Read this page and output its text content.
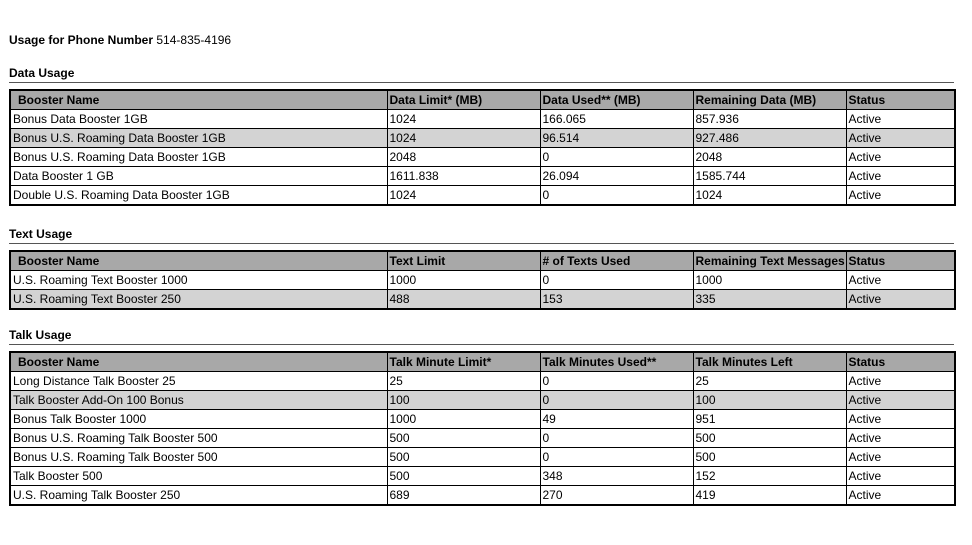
Usage for Phone Number 514-835-4196
Data Usage
Booster Name	Data Limit* (MB)	Data Used** (MB)	Remaining Data (MB)	Status
Bonus Data Booster 1GB	1024	166.065	857.936	Active
Bonus U.S. Roaming Data Booster 1GB	1024	96.514	927.486	Active
Bonus U.S. Roaming Data Booster 1GB	2048	0	2048	Active
Data Booster 1 GB	1611.838	26.094	1585.744	Active
Double U.S. Roaming Data Booster 1GB	1024	0	1024	Active
Text Usage
Booster Name	Text Limit	# of Texts Used	Remaining Text Messages	Status
U.S. Roaming Text Booster 1000	1000	0	1000	Active
U.S. Roaming Text Booster 250	488	153	335	Active
Talk Usage
Booster Name	Talk Minute Limit*	Talk Minutes Used**	Talk Minutes Left	Status
Long Distance Talk Booster 25	25	0	25	Active
Talk Booster Add-On 100 Bonus	100	0	100	Active
Bonus Talk Booster 1000	1000	49	951	Active
Bonus U.S. Roaming Talk Booster 500	500	0	500	Active
Bonus U.S. Roaming Talk Booster 500	500	0	500	Active
Talk Booster 500	500	348	152	Active
U.S. Roaming Talk Booster 250	689	270	419	Active
